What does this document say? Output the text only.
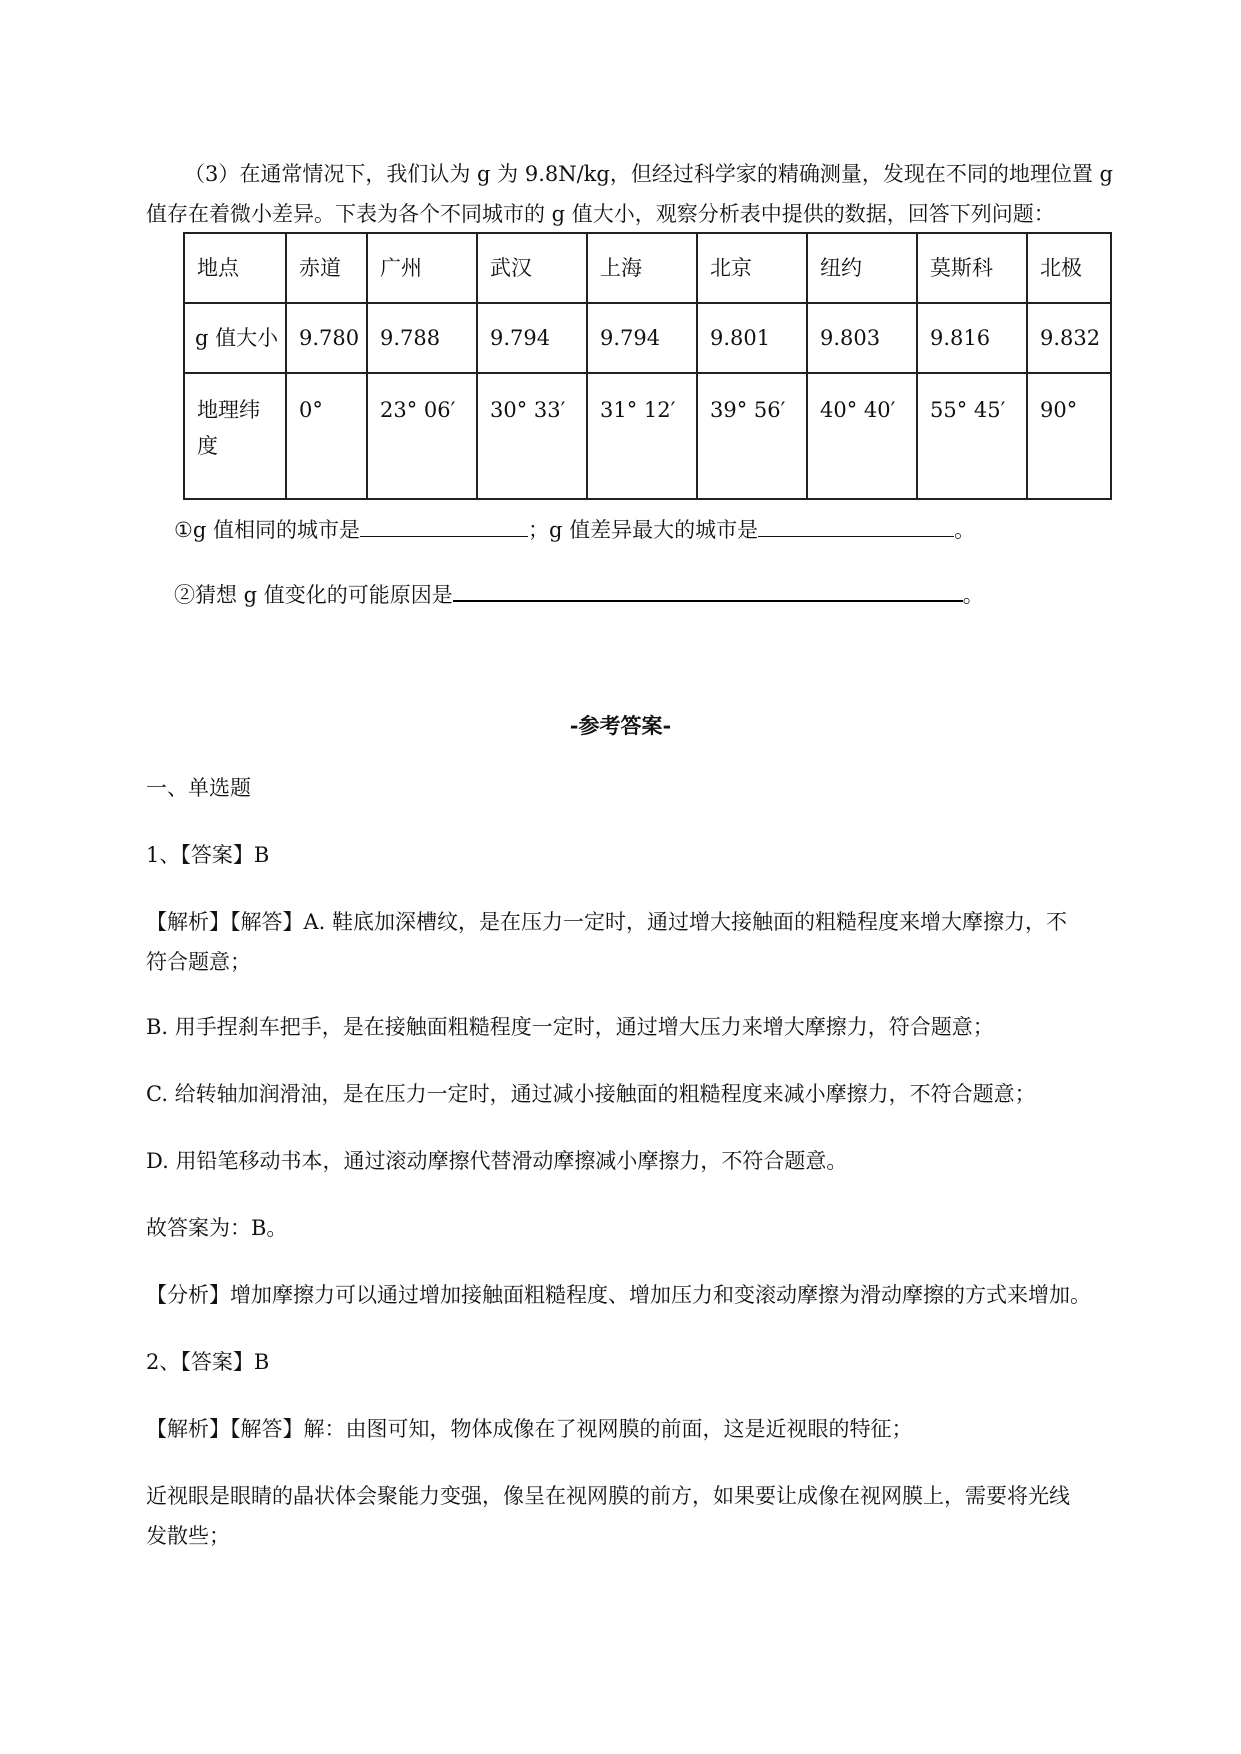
（3）在通常情况下，我们认为 g 为 9.8N/kg，但经过科学家的精确测量，发现在不同的地理位置 g
值存在着微小差异。下表为各个不同城市的 g 值大小，观察分析表中提供的数据，回答下列问题：

地点	赤道	广州	武汉	上海	北京	纽约	莫斯科	北极
g 值大小	9.780	9.788	9.794	9.794	9.801	9.803	9.816	9.832
地理纬度	0°	23° 06′	30° 33′	31° 12′	39° 56′	40° 40′	55° 45′	90°

①g 值相同的城市是	；g 值差异最大的城市是	。

②猜想 g 值变化的可能原因是	。

-参考答案-

一、单选题

1、【答案】B

【解析】【解答】A. 鞋底加深槽纹，是在压力一定时，通过增大接触面的粗糙程度来增大摩擦力，不
符合题意；

B. 用手捏刹车把手，是在接触面粗糙程度一定时，通过增大压力来增大摩擦力，符合题意；

C. 给转轴加润滑油，是在压力一定时，通过减小接触面的粗糙程度来减小摩擦力，不符合题意；

D. 用铅笔移动书本，通过滚动摩擦代替滑动摩擦减小摩擦力，不符合题意。

故答案为：B。

【分析】增加摩擦力可以通过增加接触面粗糙程度、增加压力和变滚动摩擦为滑动摩擦的方式来增加。

2、【答案】B

【解析】【解答】解：由图可知，物体成像在了视网膜的前面，这是近视眼的特征；

近视眼是眼睛的晶状体会聚能力变强，像呈在视网膜的前方，如果要让成像在视网膜上，需要将光线
发散些；
